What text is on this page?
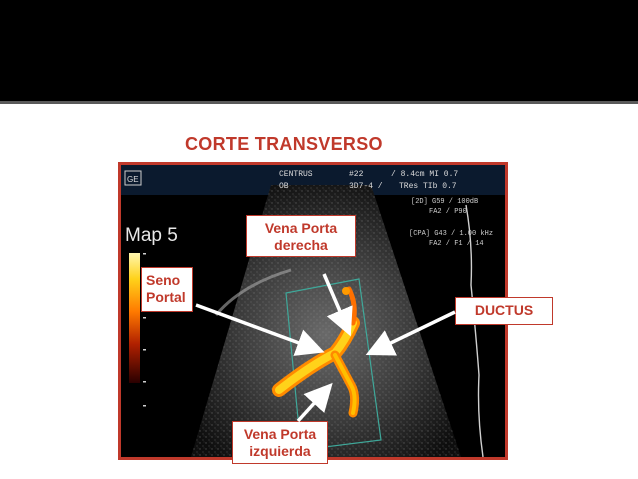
CORTE TRANSVERSO
GE
CENTRUS
OB
#22
3D7-4 /
/ 8.4cm MI 0.7
TRes TIb 0.7
[2D] G59 / 100dB
FA2 / P90
[CPA] G43 / 1.00 kHz
FA2 / F1 / 14
Map 5	Vena Porta
derecha
Seno
Portal
DUCTUS
Vena Porta
izquierda
